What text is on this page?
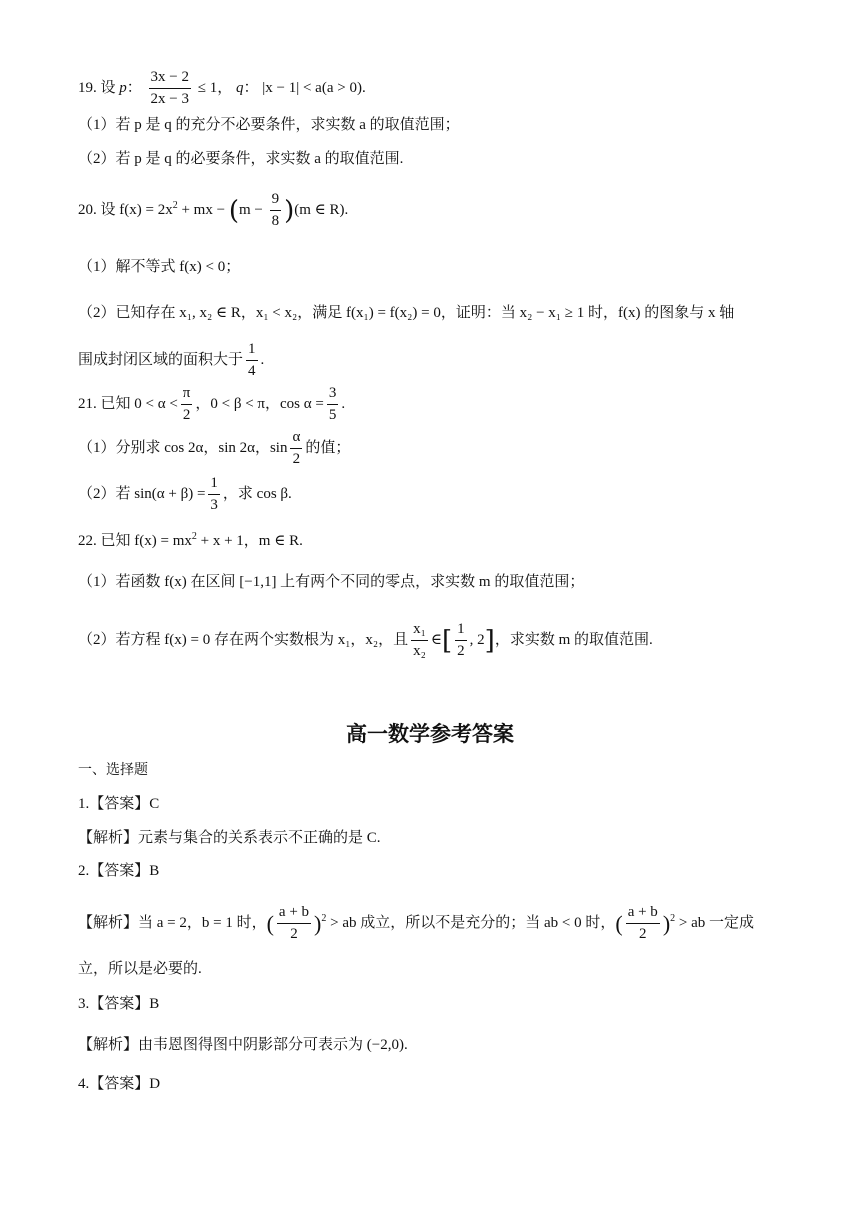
19. 设 p： $\frac{3x - 2}{2x - 3} \le 1$， q： |x − 1| < a(a > 0).
（1）若 p 是 q 的充分不必要条件，求实数 a 的取值范围；
（2）若 p 是 q 的必要条件，求实数 a 的取值范围.
20. 设 $f(x) = 2x^2$ + mx − $(m - \frac{9}{8} )(m$ ∈ R).
（1）解不等式 f(x) < 0；
（2）已知存在 x₁, x₂ ∈ R，x₁ < x₂，满足 f(x₁) = f(x₂) = 0，证明：当 x₂ − x₁ ≥ 1 时，f(x) 的图象与 x 轴
围成封闭区域的面积大于 $\frac{1}{4}$ .
21. 已知 $0 < \alpha < \frac{\pi}{2}$ ，0 < β < π，$\cos \alpha = \frac{3}{5}$ .
（1）分别求 cos 2α，sin 2α，$\sin \frac{\alpha}{2}$ 的值；
（2）若 $\sin(\alpha + \beta) = \frac{1}{3}$ ，求 cos β.
22. 已知 $f(x) = mx^2 + x + 1$，m ∈ R.
（1）若函数 f(x) 在区间 [−1,1] 上有两个不同的零点，求实数 m 的取值范围；
（2）若方程 f(x) = 0 存在两个实数根为 x₁，x₂，且 $\frac{\text{x₁}}{\text{x₂}}$ ∈[ $\frac{1}{2}$ , 2]，求实数 m 的取值范围.
高一数学参考答案
一、选择题
1.【答案】C
【解析】元素与集合的关系表示不正确的是 C.
2.【答案】B
【解析】当 a = 2，b = 1 时，( $\frac{a + b}{2} )^2$ > ab 成立，所以不是充分的；当 ab < 0 时，( $\frac{a + b}{2} )^2$ > ab 一定成
立，所以是必要的.
3.【答案】B
【解析】由韦恩图得图中阴影部分可表示为 (−2,0).
4.【答案】D
